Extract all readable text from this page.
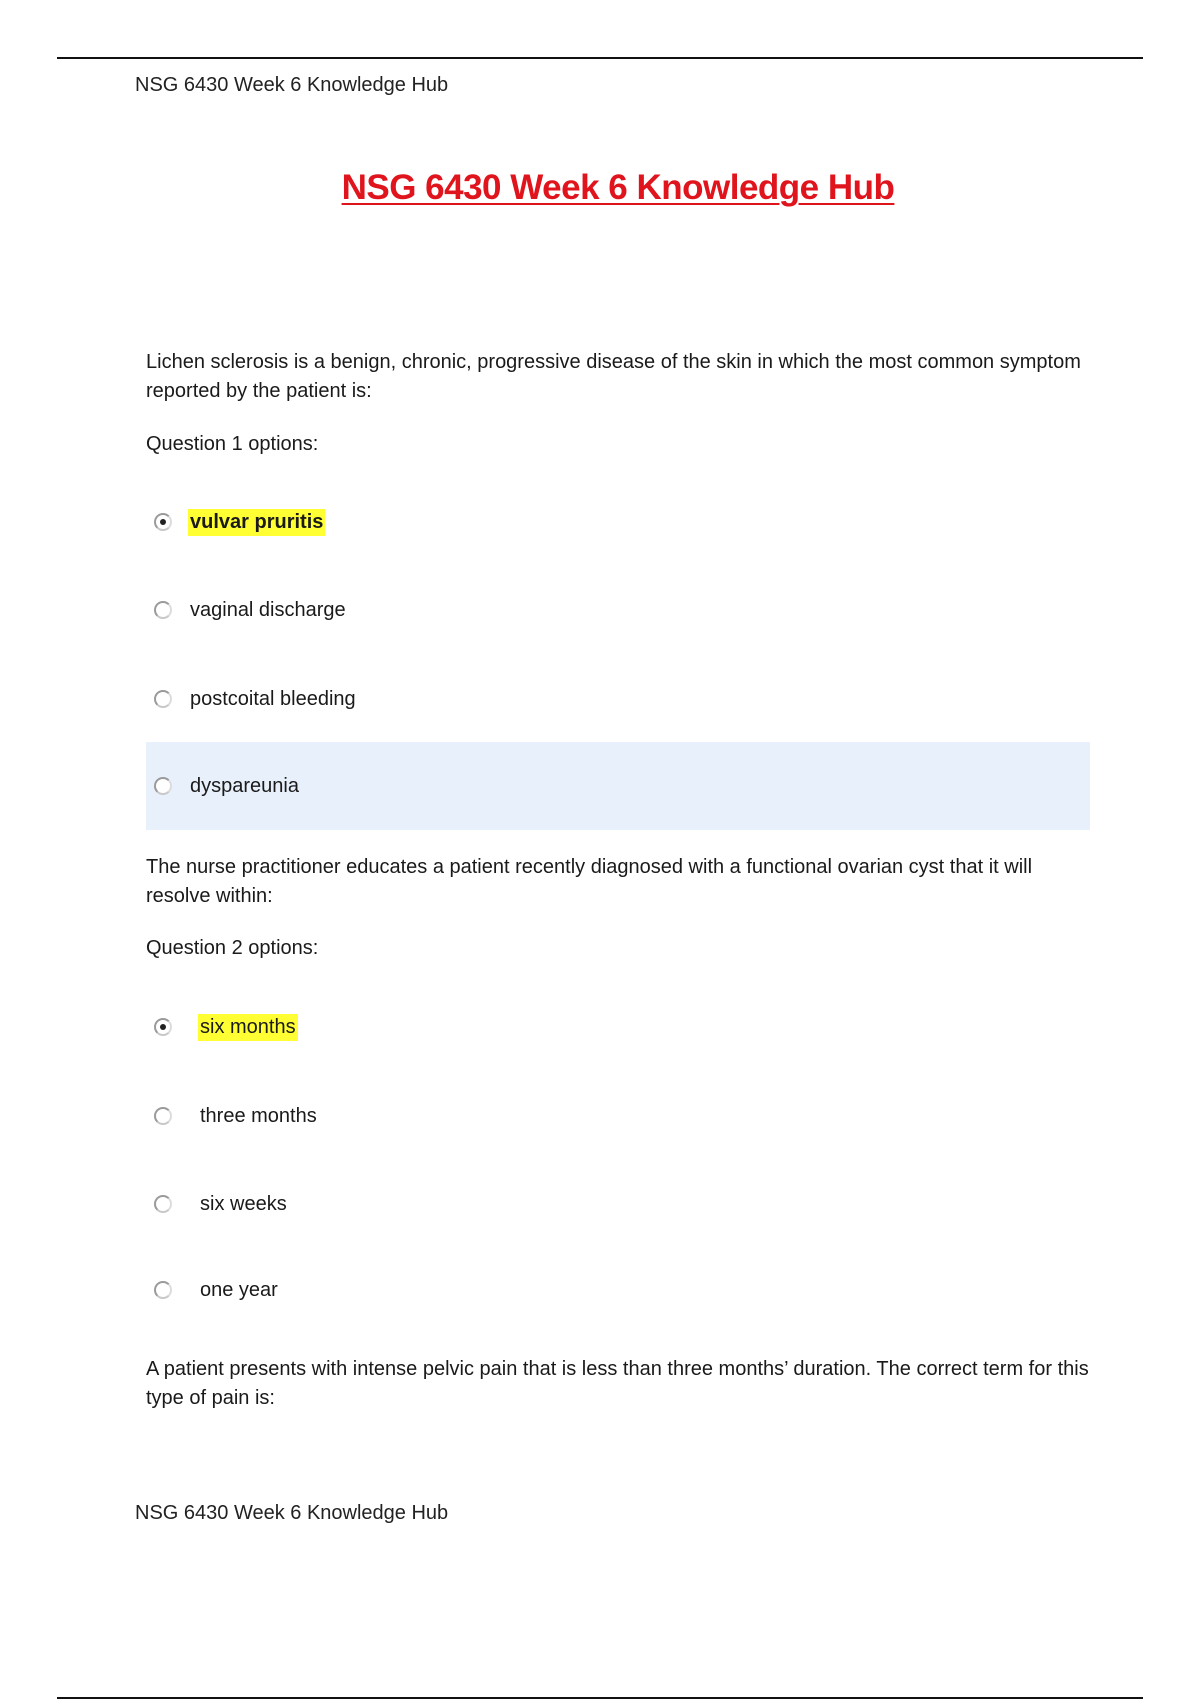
NSG 6430 Week 6 Knowledge Hub
NSG 6430 Week 6 Knowledge Hub
Lichen sclerosis is a benign, chronic, progressive disease of the skin in which the most common symptom reported by the patient is:
Question 1 options:
vulvar pruritis
vaginal discharge
postcoital bleeding
dyspareunia
The nurse practitioner educates a patient recently diagnosed with a functional ovarian cyst that it will resolve within:
Question 2 options:
six months
three months
six weeks
one year
A patient presents with intense pelvic pain that is less than three months’ duration. The correct term for this type of pain is:
NSG 6430 Week 6 Knowledge Hub
